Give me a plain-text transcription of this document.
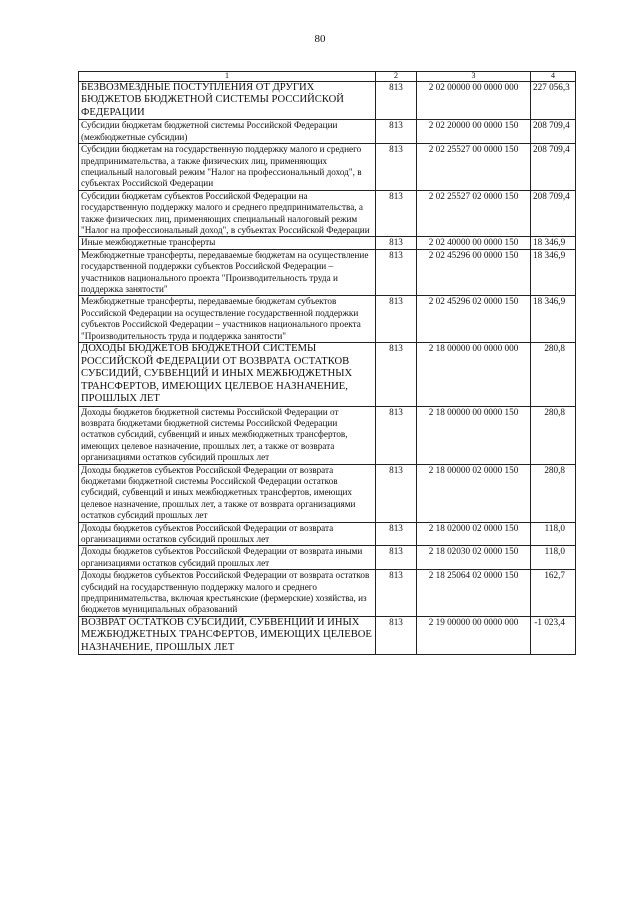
80
1	2	3	4
БЕЗВОЗМЕЗДНЫЕ ПОСТУПЛЕНИЯ ОТ ДРУГИХ БЮДЖЕТОВ БЮДЖЕТНОЙ СИСТЕМЫ РОССИЙСКОЙ ФЕДЕРАЦИИ	813	2 02 00000 00 0000 000	227 056,3
Субсидии бюджетам бюджетной системы Российской Федерации (межбюджетные субсидии)	813	2 02 20000 00 0000 150	208 709,4
Субсидии бюджетам на государственную поддержку малого и среднего предпринимательства, а также физических лиц, применяющих специальный налоговый режим "Налог на профессиональный доход", в субъектах Российской Федерации	813	2 02 25527 00 0000 150	208 709,4
Субсидии бюджетам субъектов Российской Федерации на государственную поддержку малого и среднего предпринимательства, а также физических лиц, применяющих специальный налоговый режим "Налог на профессиональный доход", в субъектах Российской Федерации	813	2 02 25527 02 0000 150	208 709,4
Иные межбюджетные трансферты	813	2 02 40000 00 0000 150	18 346,9
Межбюджетные трансферты, передаваемые бюджетам на осуществление государственной поддержки субъектов Российской Федерации – участников национального проекта "Производительность труда и поддержка занятости"	813	2 02 45296 00 0000 150	18 346,9
Межбюджетные трансферты, передаваемые бюджетам субъектов Российской Федерации на осуществление государственной поддержки субъектов Российской Федерации – участников национального проекта "Производительность труда и поддержка занятости"	813	2 02 45296 02 0000 150	18 346,9
ДОХОДЫ БЮДЖЕТОВ БЮДЖЕТНОЙ СИСТЕМЫ РОССИЙСКОЙ ФЕДЕРАЦИИ ОТ ВОЗВРАТА ОСТАТКОВ СУБСИДИЙ, СУБВЕНЦИЙ И ИНЫХ МЕЖБЮДЖЕТНЫХ ТРАНСФЕРТОВ, ИМЕЮЩИХ ЦЕЛЕВОЕ НАЗНАЧЕНИЕ, ПРОШЛЫХ ЛЕТ	813	2 18 00000 00 0000 000	280,8
Доходы бюджетов бюджетной системы Российской Федерации от возврата бюджетами бюджетной системы Российской Федерации остатков субсидий, субвенций и иных межбюджетных трансфертов, имеющих целевое назначение, прошлых лет, а также от возврата организациями остатков субсидий прошлых лет	813	2 18 00000 00 0000 150	280,8
Доходы бюджетов субъектов Российской Федерации от возврата бюджетами бюджетной системы Российской Федерации остатков субсидий, субвенций и иных межбюджетных трансфертов, имеющих целевое назначение, прошлых лет, а также от возврата организациями остатков субсидий прошлых лет	813	2 18 00000 02 0000 150	280,8
Доходы бюджетов субъектов Российской Федерации от возврата организациями остатков субсидий прошлых лет	813	2 18 02000 02 0000 150	118,0
Доходы бюджетов субъектов Российской Федерации от возврата иными организациями остатков субсидий прошлых лет	813	2 18 02030 02 0000 150	118,0
Доходы бюджетов субъектов Российской Федерации от возврата остатков субсидий на государственную поддержку малого и среднего предпринимательства, включая крестьянские (фермерские) хозяйства, из бюджетов муниципальных образований	813	2 18 25064 02 0000 150	162,7
ВОЗВРАТ ОСТАТКОВ СУБСИДИЙ, СУБВЕНЦИЙ И ИНЫХ МЕЖБЮДЖЕТНЫХ ТРАНСФЕРТОВ, ИМЕЮЩИХ ЦЕЛЕВОЕ НАЗНАЧЕНИЕ, ПРОШЛЫХ ЛЕТ	813	2 19 00000 00 0000 000	-1 023,4
